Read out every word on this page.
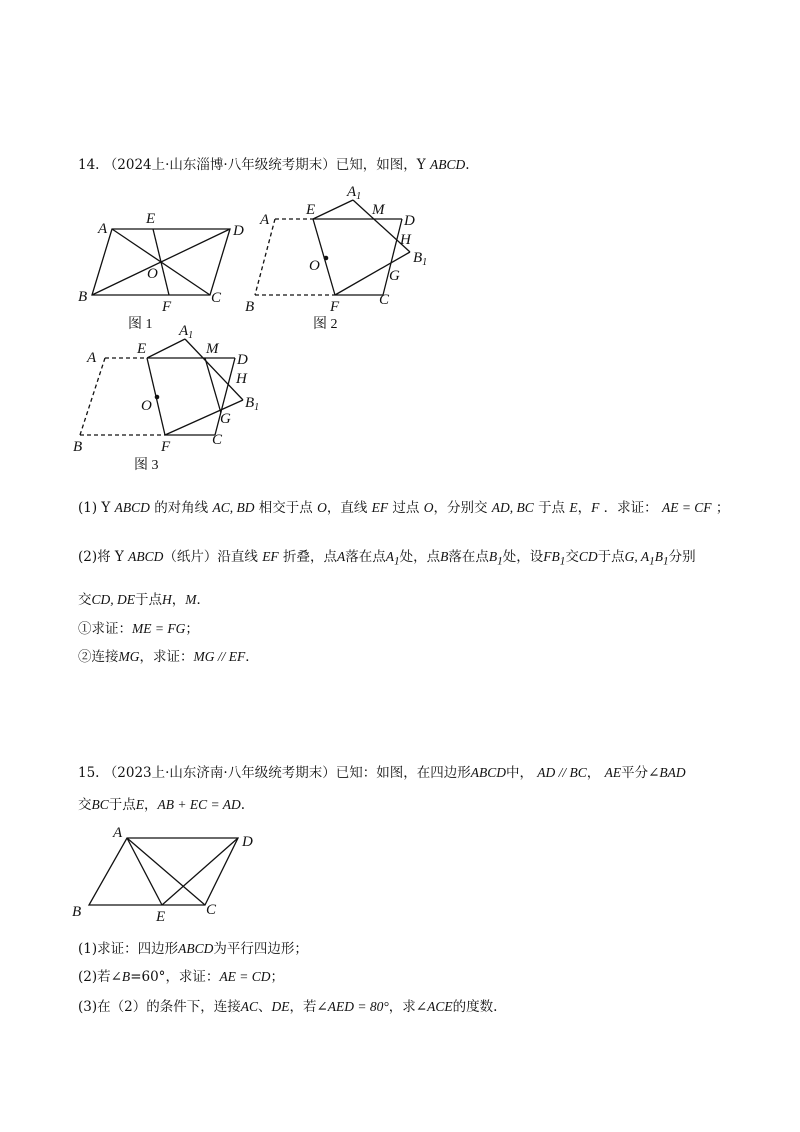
14. （2024上·山东淄博·八年级统考期末）已知，如图，Y ABCD.
A	D
B	C
E
F
O
图 1
A
E
$A_1$
M
D
H
$B_1$
G
O
B	F	C
图 2
A
E
$A_1$
M
D
H
$B_1$
G
O
B	F	C
图 3
(1) Y ABCD 的对角线 AC, BD 相交于点 O，直线 EF 过点 O，分别交 AD, BC 于点 E，F ．求证： AE = CF ；
(2)将 Y ABCD（纸片）沿直线 EF 折叠，点A落在点$A_1$处，点B落在点$B_1$处，设$FB_1$交CD于点G, $A_1B_1$分别
交CD, DE于点H，M．
①求证：ME = FG；
②连接MG，求证：MG // EF．
15. （2023上·山东济南·八年级统考期末）已知：如图，在四边形ABCD中， AD // BC， AE平分∠BAD
交BC于点E，AB + EC = AD.
A
D
B	E	C
(1)求证：四边形ABCD为平行四边形；
(2)若∠B=60°，求证：AE = CD；
(3)在（2）的条件下，连接AC、DE，若∠AED = 80°，求∠ACE的度数.
